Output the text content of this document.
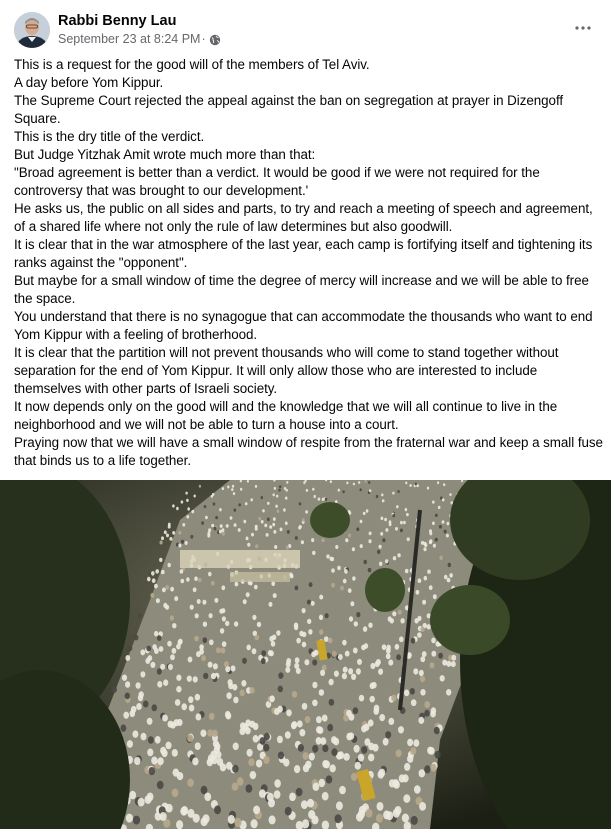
Rabbi Benny Lau
September 23 at 8:24 PM ·

This is a request for the good will of the members of Tel Aviv.

A day before Yom Kippur.

The Supreme Court rejected the appeal against the ban on segregation at prayer in Dizengoff Square.

This is the dry title of the verdict.

But Judge Yitzhak Amit wrote much more than that:

"Broad agreement is better than a verdict. It would be good if we were not required for the controversy that was brought to our development.'

He asks us, the public on all sides and parts, to try and reach a meeting of speech and agreement, of a shared life where not only the rule of law determines but also goodwill.

It is clear that in the war atmosphere of the last year, each camp is fortifying itself and tightening its ranks against the "opponent".

But maybe for a small window of time the degree of mercy will increase and we will be able to free the space.

You understand that there is no synagogue that can accommodate the thousands who want to end Yom Kippur with a feeling of brotherhood.

It is clear that the partition will not prevent thousands who will come to stand together without separation for the end of Yom Kippur. It will only allow those who are interested to include themselves with other parts of Israeli society.

It now depends only on the good will and the knowledge that we will all continue to live in the neighborhood and we will not be able to turn a house into a court.

Praying now that we will have a small window of respite from the fraternal war and keep a small fuse that binds us to a life together.
